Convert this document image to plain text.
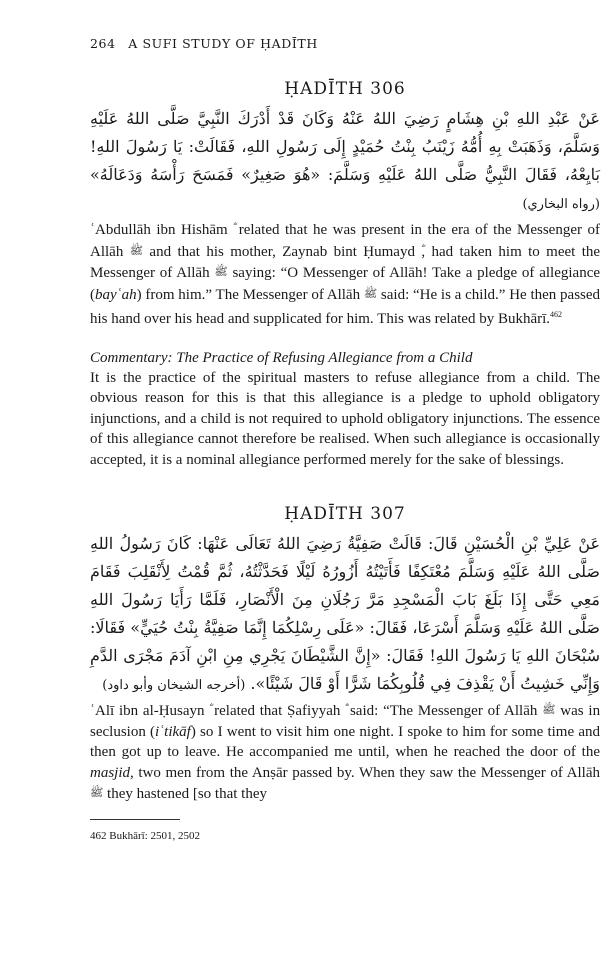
264 A SUFI STUDY OF ḤADĪTH
ḤADĪTH 306

عَنْ عَبْدِ اللهِ بْنِ هِشَامٍ رَضِيَ اللهُ عَنْهُ وَكَانَ قَدْ أَدْرَكَ النَّبِيَّ صَلَّى اللهُ عَلَيْهِ وَسَلَّمَ، وَذَهَبَتْ بِهِ أُمُّهُ زَيْنَبُ بِنْتُ حُمَيْدٍ إِلَى رَسُولِ اللهِ، فَقَالَتْ: يَا رَسُولَ اللهِ! بَايِعْهُ، فَقَالَ النَّبِيُّ صَلَّى اللهُ عَلَيْهِ وَسَلَّمَ: «هُوَ صَغِيرٌ» فَمَسَحَ رَأْسَهُ وَدَعَالَهُ» (رواه البخاري)

ʿAbdullāh ibn Hishām related that he was present in the era of the Messenger of Allāh ﷺ and that his mother, Zaynab bint Ḥumayd , had taken him to meet the Messenger of Allāh ﷺ saying: “O Messenger of Allāh! Take a pledge of allegiance (bayʿah) from him.” The Messenger of Allāh ﷺ said: “He is a child.” He then passed his hand over his head and supplicated for him. This was related by Bukhārī.$^{462}$

Commentary: The Practice of Refusing Allegiance from a Child

It is the practice of the spiritual masters to refuse allegiance from a child. The obvious reason for this is that this allegiance is a pledge to uphold obligatory injunctions, and a child is not required to uphold obligatory injunctions. The essence of this allegiance cannot therefore be realised. When such allegiance is occasionally accepted, it is a nominal allegiance performed merely for the sake of blessings.

ḤADĪTH 307

عَنْ عَلِيِّ بْنِ الْحُسَيْنِ قَالَ: قَالَتْ صَفِيَّةُ رَضِيَ اللهُ تَعَالَى عَنْهَا: كَانَ رَسُولُ اللهِ صَلَّى اللهُ عَلَيْهِ وَسَلَّمَ مُعْتَكِفًا فَأَتَيْتُهُ أَزُورُهُ لَيْلًا فَحَدَّثْتُهُ، ثُمَّ قُمْتُ لِأَنْقَلِبَ فَقَامَ مَعِي حَتَّى إِذَا بَلَغَ بَابَ الْمَسْجِدِ مَرَّ رَجُلَانِ مِنَ الْأَنْصَارِ، فَلَمَّا رَأَيَا رَسُولَ اللهِ صَلَّى اللهُ عَلَيْهِ وَسَلَّمَ أَسْرَعَا، فَقَالَ: «عَلَى رِسْلِكُمَا إِنَّمَا صَفِيَّةُ بِنْتُ حُيَيٍّ» فَقَالَا: سُبْحَانَ اللهِ يَا رَسُولَ اللهِ! فَقَالَ: «إِنَّ الشَّيْطَانَ يَجْرِي مِنِ ابْنِ آدَمَ مَجْرَى الدَّمِ وَإِنِّي خَشِيتُ أَنْ يَقْذِفَ فِي قُلُوبِكُمَا شَرًّا أَوْ قَالَ شَيْئًا». (أخرجه الشيخان وأبو داود)

ʿAlī ibn al-Ḥusayn related that Ṣafiyyah said: “The Messenger of Allāh ﷺ was in seclusion (iʿtikāf) so I went to visit him one night. I spoke to him for some time and then got up to leave. He accompanied me until, when he reached the door of the masjid, two men from the Anṣār passed by. When they saw the Messenger of Allāh ﷺ they hastened [so that they

462 Bukhārī: 2501, 2502
